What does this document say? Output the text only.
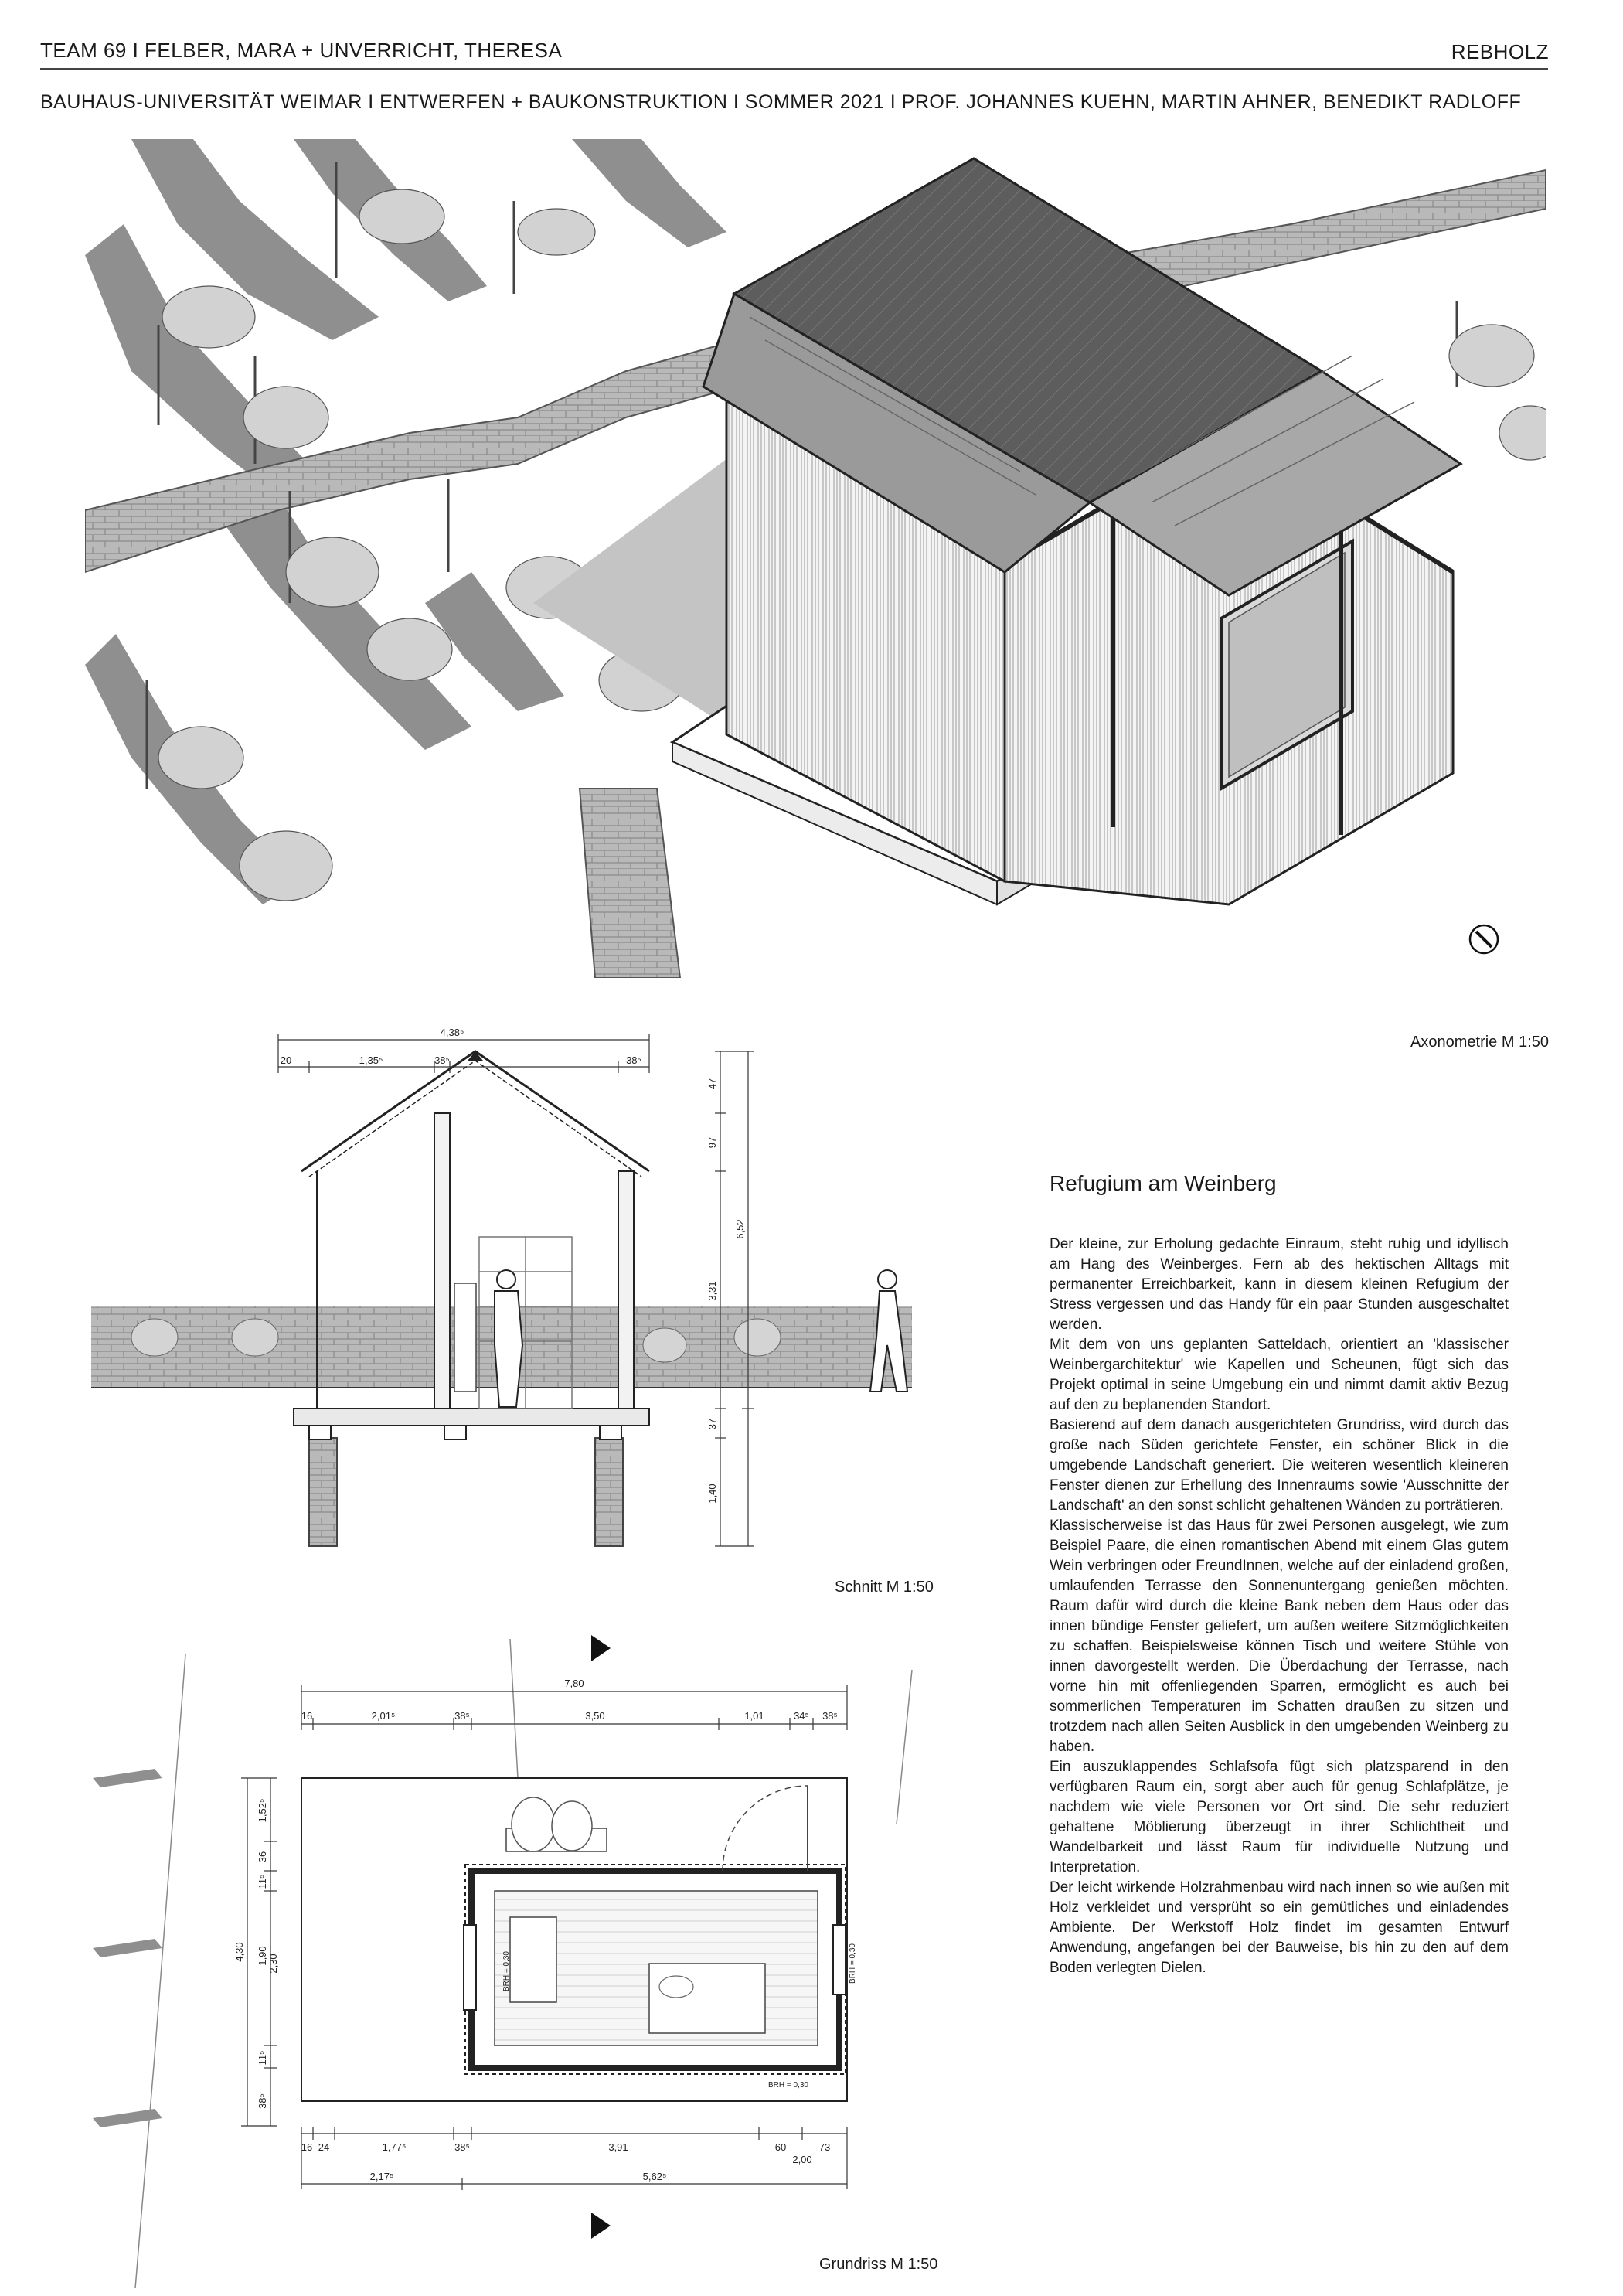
TEAM 69 I FELBER, MARA + UNVERRICHT, THERESA	REBHOLZ
BAUHAUS-UNIVERSITÄT WEIMAR I ENTWERFEN + BAUKONSTRUKTION I SOMMER 2021 I PROF. JOHANNES KUEHN, MARTIN AHNER, BENEDIKT RADLOFF
Axonometrie M 1:50
4,38⁵
20	1,35⁵	38⁵	38⁵
47
97
3,31
6,52
37
1,40
Schnitt M 1:50
7,80
16	2,01⁵	38⁵	3,50	1,01	34⁵ 38⁵
1,52⁵
36
11⁵
1,90 2,30
11⁵
38⁵
4,30	BRH = 0,30	BRH = 0,30
BRH = 0,30
16 24	1,77⁵	38⁵	3,91	60	73
2,00
2,17⁵	5,62⁵
Grundriss M 1:50
Refugium am Weinberg

Der kleine, zur Erholung gedachte Einraum, steht ruhig und idyllisch am Hang des Weinberges. Fern ab des hektischen Alltags mit permanenter Erreichbarkeit, kann in diesem kleinen Refugium der Stress vergessen und das Handy für ein paar Stunden ausgeschaltet werden.

Mit dem von uns geplanten Satteldach, orientiert an 'klassischer Weinbergarchitektur' wie Kapellen und Scheunen, fügt sich das Projekt optimal in seine Umgebung ein und nimmt damit aktiv Bezug auf den zu beplanenden Standort.

Basierend auf dem danach ausgerichteten Grundriss, wird durch das große nach Süden gerichtete Fenster, ein schöner Blick in die umgebende Landschaft generiert. Die weiteren wesentlich kleineren Fenster dienen zur Erhellung des Innenraums sowie 'Ausschnitte der Landschaft' an den sonst schlicht gehaltenen Wänden zu porträtieren.

Klassischerweise ist das Haus für zwei Personen ausgelegt, wie zum Beispiel Paare, die einen romantischen Abend mit einem Glas gutem Wein verbringen oder FreundInnen, welche auf der einladend großen, umlaufenden Terrasse den Sonnenuntergang genießen möchten. Raum dafür wird durch die kleine Bank neben dem Haus oder das innen bündige Fenster geliefert, um außen weitere Sitzmöglichkeiten zu schaffen. Beispielsweise können Tisch und weitere Stühle von innen davorgestellt werden. Die Überdachung der Terrasse, nach vorne hin mit offenliegenden Sparren, ermöglicht es auch bei sommerlichen Temperaturen im Schatten draußen zu sitzen und trotzdem nach allen Seiten Ausblick in den umgebenden Weinberg zu haben.

Ein auszuklappendes Schlafsofa fügt sich platzsparend in den verfügbaren Raum ein, sorgt aber auch für genug Schlafplätze, je nachdem wie viele Personen vor Ort sind. Die sehr reduziert gehaltene Möblierung überzeugt in ihrer Schlichtheit und Wandelbarkeit und lässt Raum für individuelle Nutzung und Interpretation.

Der leicht wirkende Holzrahmenbau wird nach innen so wie außen mit Holz verkleidet und versprüht so ein gemütliches und einladendes Ambiente. Der Werkstoff Holz findet im gesamten Entwurf Anwendung, angefangen bei der Bauweise, bis hin zu den auf dem Boden verlegten Dielen.
